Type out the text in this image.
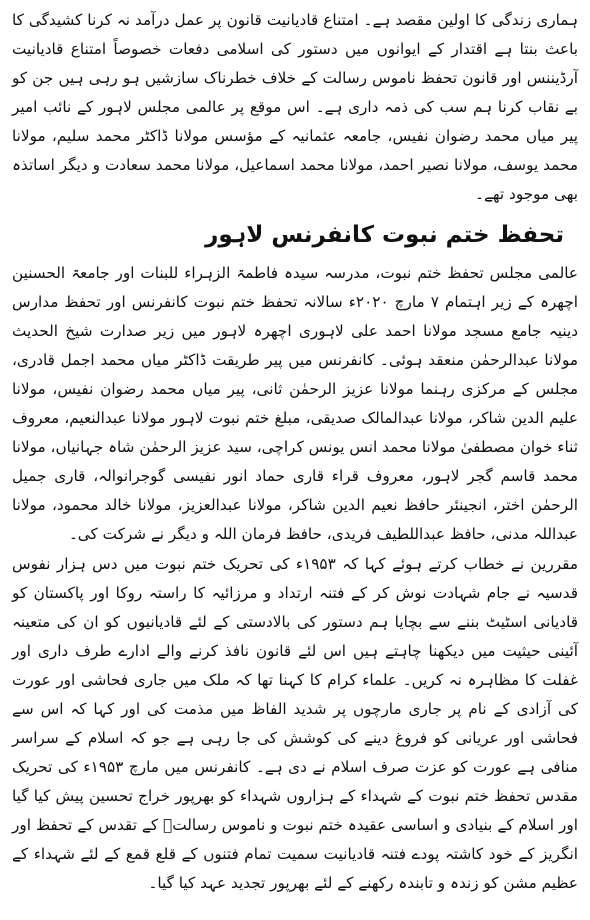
ہماری زندگی کا اولین مقصد ہے۔ امتناع قادیانیت قانون پر عمل درآمد نہ کرنا کشیدگی کا باعث بنتا ہے اقتدار کے ایوانوں میں دستور کی اسلامی دفعات خصوصاً امتناع قادیانیت آرڈیننس اور قانون تحفظ ناموس رسالت کے خلاف خطرناک سازشیں ہو رہی ہیں جن کو بے نقاب کرنا ہم سب کی ذمہ داری ہے۔ اس موقع پر عالمی مجلس لاہور کے نائب امیر پیر میاں محمد رضوان نفیس، جامعہ عثمانیہ کے مؤسس مولانا ڈاکٹر محمد سلیم، مولانا محمد یوسف، مولانا نصیر احمد، مولانا محمد اسماعیل، مولانا محمد سعادت و دیگر اساتذہ بھی موجود تھے۔

تحفظ ختم نبوت کانفرنس لاہور

عالمی مجلس تحفظ ختم نبوت، مدرسہ سیدہ فاطمۃ الزہراء للبنات اور جامعۃ الحسنین اچھرہ کے زیر اہتمام ۷ مارچ ۲۰۲۰ء سالانہ تحفظ ختم نبوت کانفرنس اور تحفظ مدارس دینیہ جامع مسجد مولانا احمد علی لاہوری اچھرہ لاہور میں زیر صدارت شیخ الحدیث مولانا عبدالرحمٰن منعقد ہوئی۔ کانفرنس میں پیر طریقت ڈاکٹر میاں محمد اجمل قادری، مجلس کے مرکزی رہنما مولانا عزیز الرحمٰن ثانی، پیر میاں محمد رضوان نفیس، مولانا علیم الدین شاکر، مولانا عبدالمالک صدیقی، مبلغ ختم نبوت لاہور مولانا عبدالنعیم، معروف ثناء خوان مصطفیٰ مولانا محمد انس یونس کراچی، سید عزیز الرحمٰن شاہ جہانیاں، مولانا محمد قاسم گجر لاہور، معروف قراء قاری حماد انور نفیسی گوجرانوالہ، قاری جمیل الرحمٰن اختر، انجینئر حافظ نعیم الدین شاکر، مولانا عبدالعزیز، مولانا خالد محمود، مولانا عبداللہ مدنی، حافظ عبداللطیف فریدی، حافظ فرمان اللہ و دیگر نے شرکت کی۔

مقررین نے خطاب کرتے ہوئے کہا کہ ۱۹۵۳ء کی تحریک ختم نبوت میں دس ہزار نفوس قدسیہ نے جام شہادت نوش کر کے فتنہ ارتداد و مرزائیہ کا راستہ روکا اور پاکستان کو قادیانی اسٹیٹ بننے سے بچایا ہم دستور کی بالادستی کے لئے قادیانیوں کو ان کی متعینہ آئینی حیثیت میں دیکھنا چاہتے ہیں اس لئے قانون نافذ کرنے والے ادارے طرف داری اور غفلت کا مظاہرہ نہ کریں۔ علماء کرام کا کہنا تھا کہ ملک میں جاری فحاشی اور عورت کی آزادی کے نام پر جاری مارچوں پر شدید الفاظ میں مذمت کی اور کہا کہ اس سے فحاشی اور عریانی کو فروغ دینے کی کوشش کی جا رہی ہے جو کہ اسلام کے سراسر منافی ہے عورت کو عزت صرف اسلام نے دی ہے۔ کانفرنس میں مارچ ۱۹۵۳ء کی تحریک مقدس تحفظ ختم نبوت کے شہداء کے ہزاروں شہداء کو بھرپور خراج تحسین پیش کیا گیا اور اسلام کے بنیادی و اساسی عقیدہ ختم نبوت و ناموس رسالتؐ کے تقدس کے تحفظ اور انگریز کے خود کاشتہ پودے فتنہ قادیانیت سمیت تمام فتنوں کے قلع قمع کے لئے شہداء کے عظیم مشن کو زندہ و تابندہ رکھنے کے لئے بھرپور تجدید عہد کیا گیا۔
